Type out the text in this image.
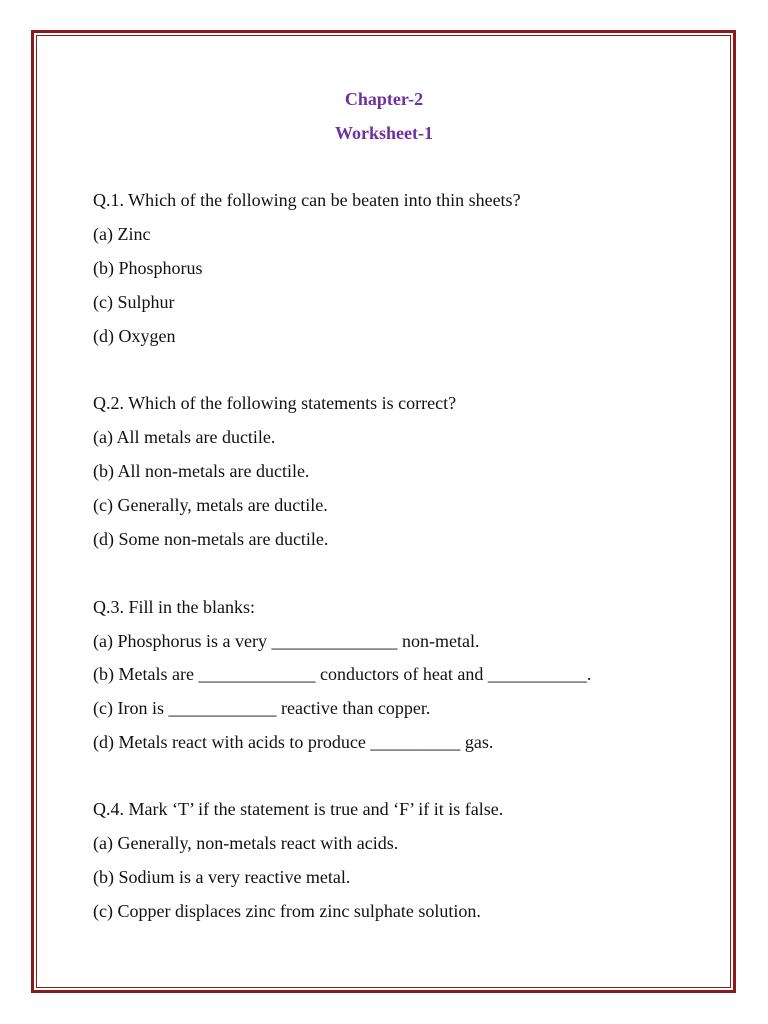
Chapter-2
Worksheet-1
Q.1. Which of the following can be beaten into thin sheets?
(a) Zinc
(b) Phosphorus
(c) Sulphur
(d) Oxygen
Q.2. Which of the following statements is correct?
(a) All metals are ductile.
(b) All non-metals are ductile.
(c) Generally, metals are ductile.
(d) Some non-metals are ductile.
Q.3. Fill in the blanks:
(a) Phosphorus is a very ______________ non-metal.
(b) Metals are _____________ conductors of heat and ___________.
(c) Iron is ____________ reactive than copper.
(d) Metals react with acids to produce __________ gas.
Q.4. Mark ‘T’ if the statement is true and ‘F’ if it is false.
(a) Generally, non-metals react with acids.
(b) Sodium is a very reactive metal.
(c) Copper displaces zinc from zinc sulphate solution.
